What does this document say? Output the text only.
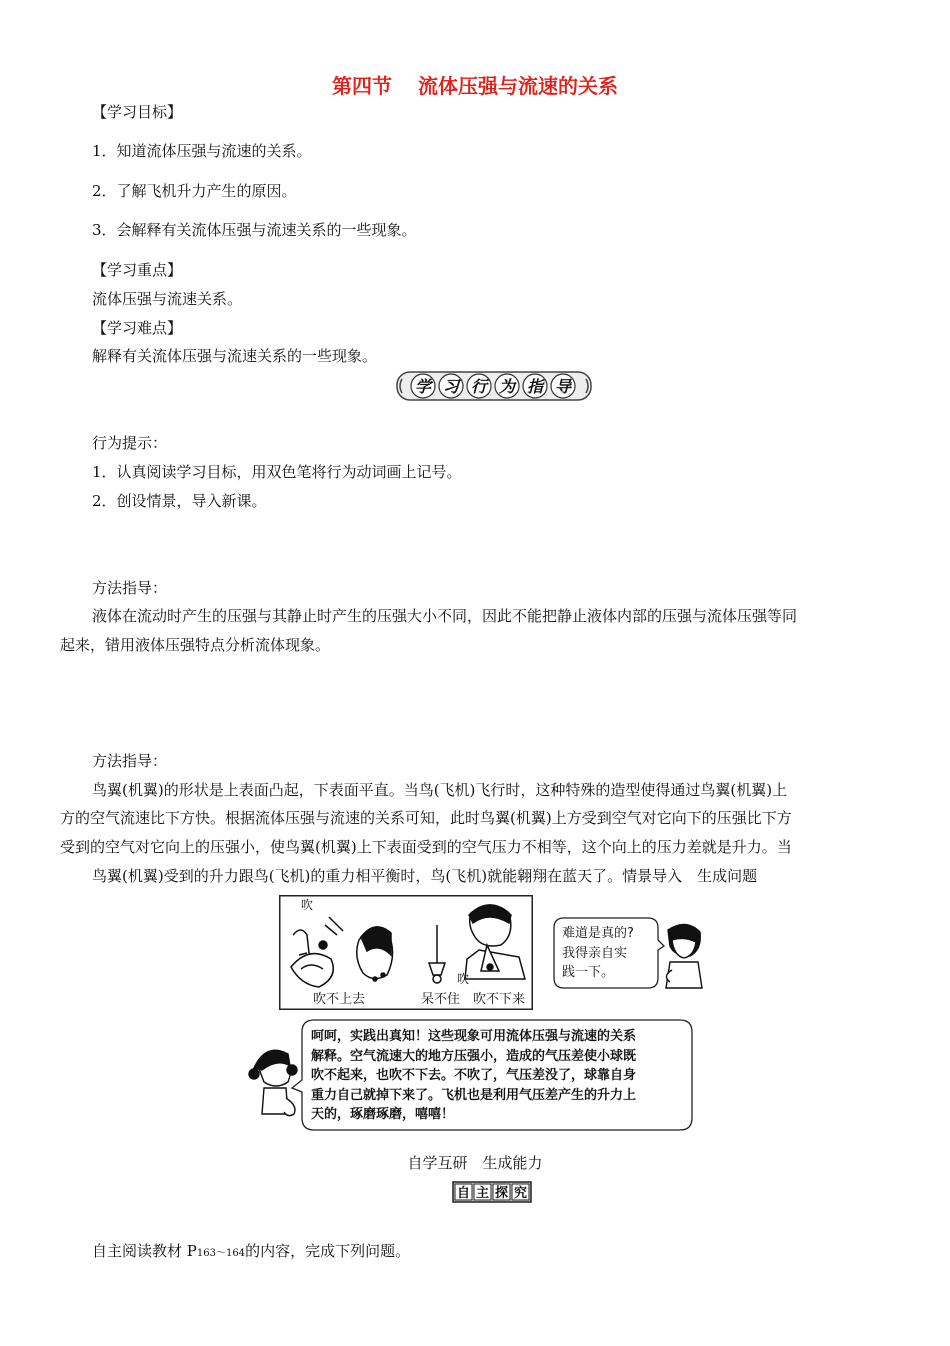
第四节 流体压强与流速的关系
【学习目标】
1．知道流体压强与流速的关系。
2．了解飞机升力产生的原因。
3．会解释有关流体压强与流速关系的一些现象。
【学习重点】
流体压强与流速关系。
【学习难点】
解释有关流体压强与流速关系的一些现象。
学 习 行 为 指 导
行为提示：
1．认真阅读学习目标，用双色笔将行为动词画上记号。
2．创设情景，导入新课。
方法指导：
液体在流动时产生的压强与其静止时产生的压强大小不同，因此不能把静止液体内部的压强与流体压强等同
起来，错用液体压强特点分析流体现象。
方法指导：
鸟翼(机翼)的形状是上表面凸起，下表面平直。当鸟(飞机)飞行时，这种特殊的造型使得通过鸟翼(机翼)上
方的空气流速比下方快。根据流体压强与流速的关系可知，此时鸟翼(机翼)上方受到空气对它向下的压强比下方
受到的空气对它向上的压强小，使鸟翼(机翼)上下表面受到的空气压力不相等，这个向上的压力差就是升力。当
鸟翼(机翼)受到的升力跟鸟(飞机)的重力相平衡时，鸟(飞机)就能翱翔在蓝天了。情景导入　生成问题
吹
吹
吹不上去	呆不住 吹不下来
难道是真的?
我得亲自实
践一下。
呵呵，实践出真知！这些现象可用流体压强与流速的关系
解释。空气流速大的地方压强小，造成的气压差使小球既
吹不起来，也吹不下去。不吹了，气压差没了，球靠自身
重力自己就掉下来了。飞机也是利用气压差产生的升力上
天的，琢磨琢磨，嘻嘻！
自学互研　生成能力
自 主 探 究
自主阅读教材 P163～164的内容，完成下列问题。
